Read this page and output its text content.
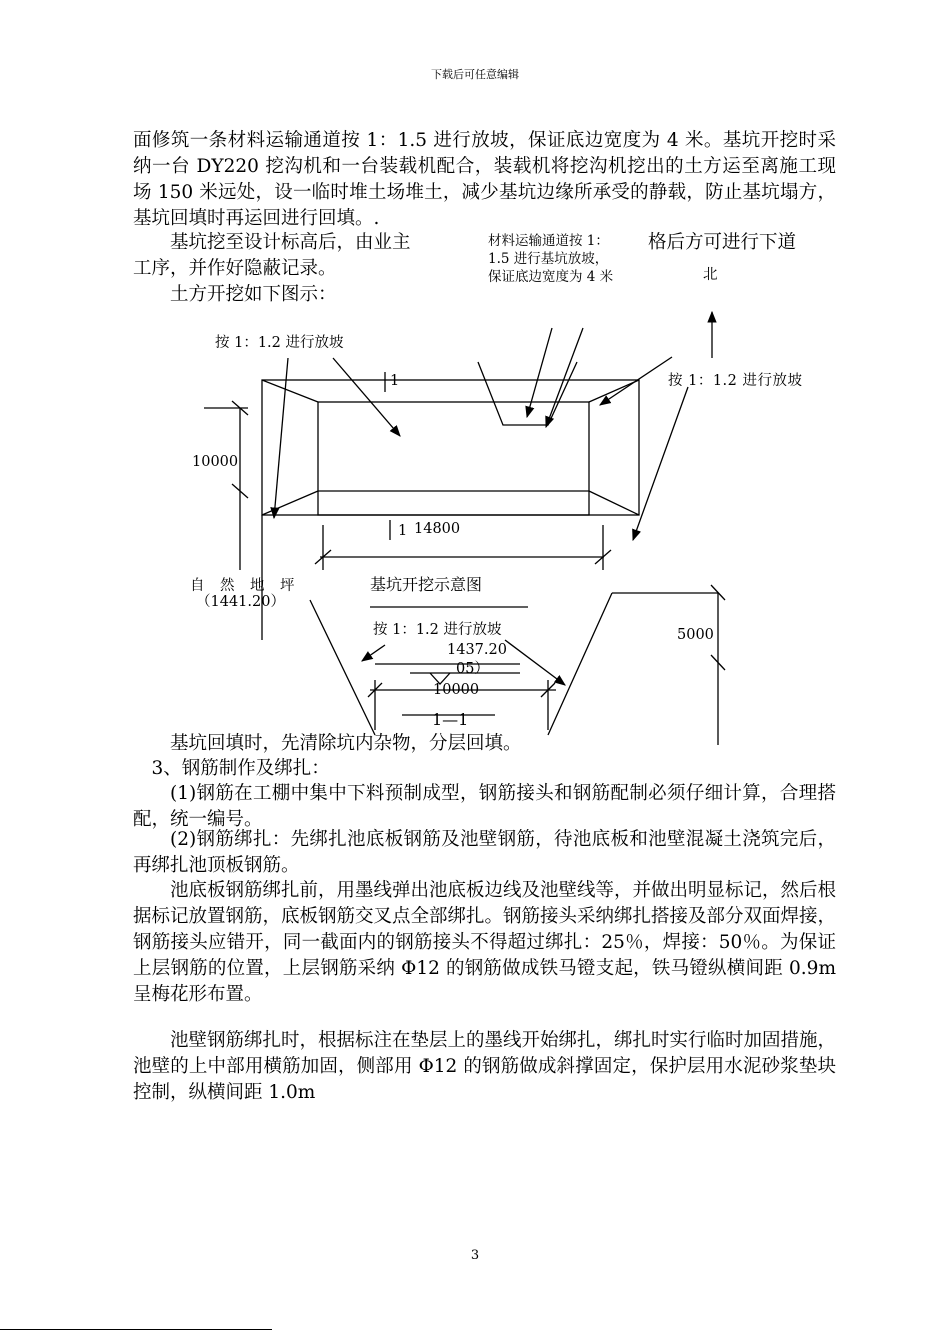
下载后可任意编辑
面修筑一条材料运输通道按 1：1.5 进行放坡，保证底边宽度为 4 米。基坑开挖时采纳一台 DY220 挖沟机和一台装载机配合，装载机将挖沟机挖出的土方运至离施工现场 150 米远处，设一临时堆土场堆土，减少基坑边缘所承受的静载，防止基坑塌方，基坑回填时再运回进行回填。.
基坑挖至设计标高后，由业主	格后方可进行下道
工序，并作好隐蔽记录。
土方开挖如下图示：
材料运输通道按 1：
1.5 进行基坑放坡，
保证底边宽度为 4 米	北
按 1：1.2 进行放坡
按 1：1.2 进行放坡
1
10000
1 14800
自　然　地　坪
（1441.20）
基坑开挖示意图
按 1：1.2 进行放坡
1437.20
05）
10000
5000
1—1
基坑回填时，先清除坑内杂物，分层回填。
3、钢筋制作及绑扎：
(1)钢筋在工棚中集中下料预制成型，钢筋接头和钢筋配制必须仔细计算，合理搭配，统一编号。
(2)钢筋绑扎：先绑扎池底板钢筋及池壁钢筋，待池底板和池壁混凝土浇筑完后，再绑扎池顶板钢筋。
池底板钢筋绑扎前，用墨线弹出池底板边线及池壁线等，并做出明显标记，然后根据标记放置钢筋，底板钢筋交叉点全部绑扎。钢筋接头采纳绑扎搭接及部分双面焊接，钢筋接头应错开，同一截面内的钢筋接头不得超过绑扎：25％，焊接：50％。为保证上层钢筋的位置，上层钢筋采纳 Φ12 的钢筋做成铁马镫支起，铁马镫纵横间距 0.9m 呈梅花形布置。
池壁钢筋绑扎时，根据标注在垫层上的墨线开始绑扎，绑扎时实行临时加固措施，池壁的上中部用横筋加固，侧部用 Φ12 的钢筋做成斜撑固定，保护层用水泥砂浆垫块控制，纵横间距 1.0m
3
